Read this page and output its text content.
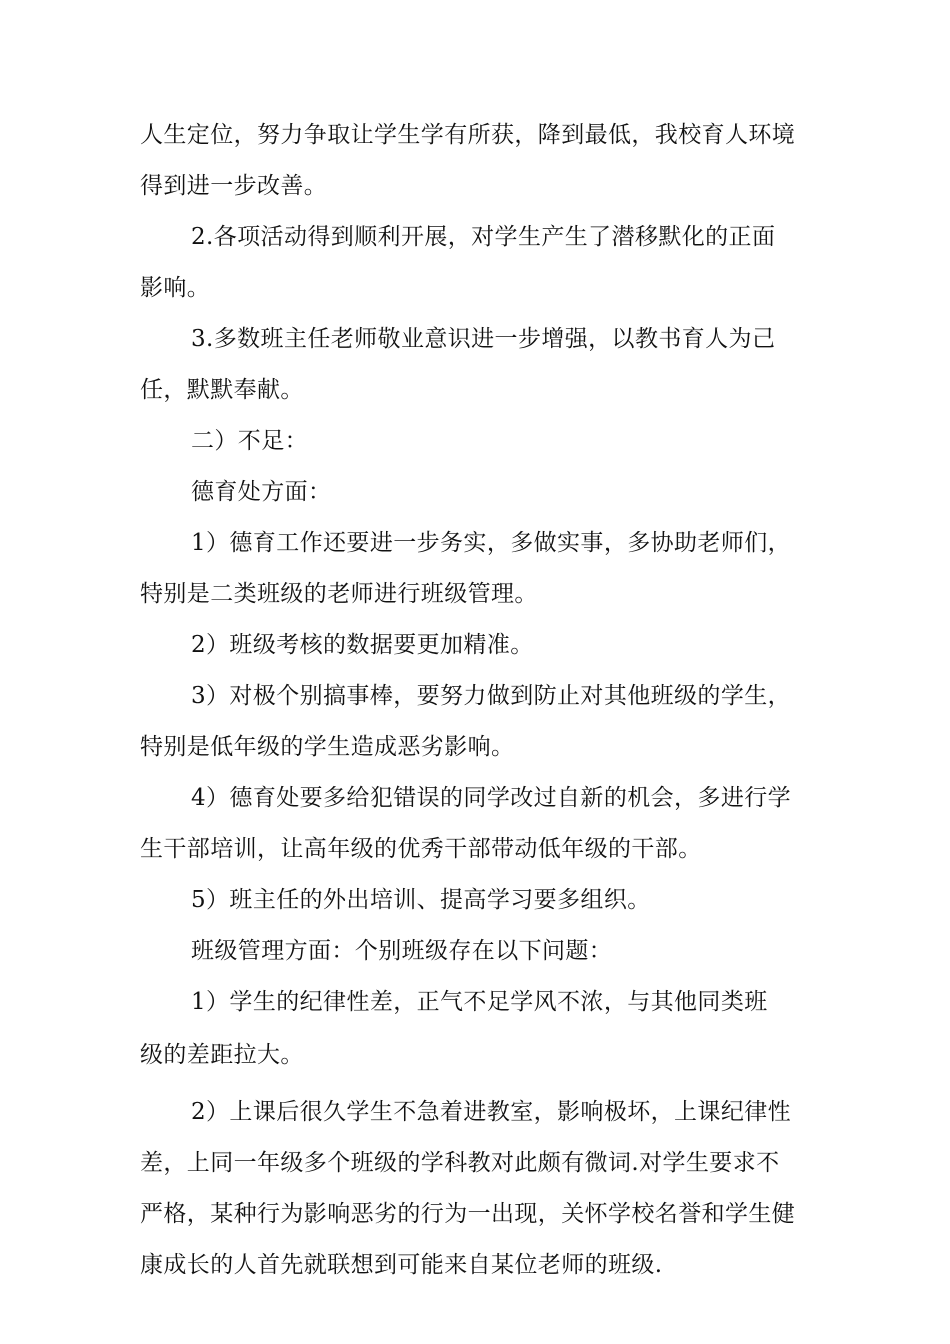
人生定位，努力争取让学生学有所获，降到最低，我校育人环境
得到进一步改善。
2.各项活动得到顺利开展，对学生产生了潜移默化的正面
影响。
3.多数班主任老师敬业意识进一步增强，以教书育人为己
任，默默奉献。
二）不足：
德育处方面：
1）德育工作还要进一步务实，多做实事，多协助老师们，
特别是二类班级的老师进行班级管理。
2）班级考核的数据要更加精准。
3）对极个别搞事棒，要努力做到防止对其他班级的学生，
特别是低年级的学生造成恶劣影响。
4）德育处要多给犯错误的同学改过自新的机会，多进行学
生干部培训，让高年级的优秀干部带动低年级的干部。
5）班主任的外出培训、提高学习要多组织。
班级管理方面：个别班级存在以下问题：
1）学生的纪律性差，正气不足学风不浓，与其他同类班
级的差距拉大。
2）上课后很久学生不急着进教室，影响极坏，上课纪律性
差，上同一年级多个班级的学科教对此颇有微词.对学生要求不
严格，某种行为影响恶劣的行为一出现，关怀学校名誉和学生健
康成长的人首先就联想到可能来自某位老师的班级.
